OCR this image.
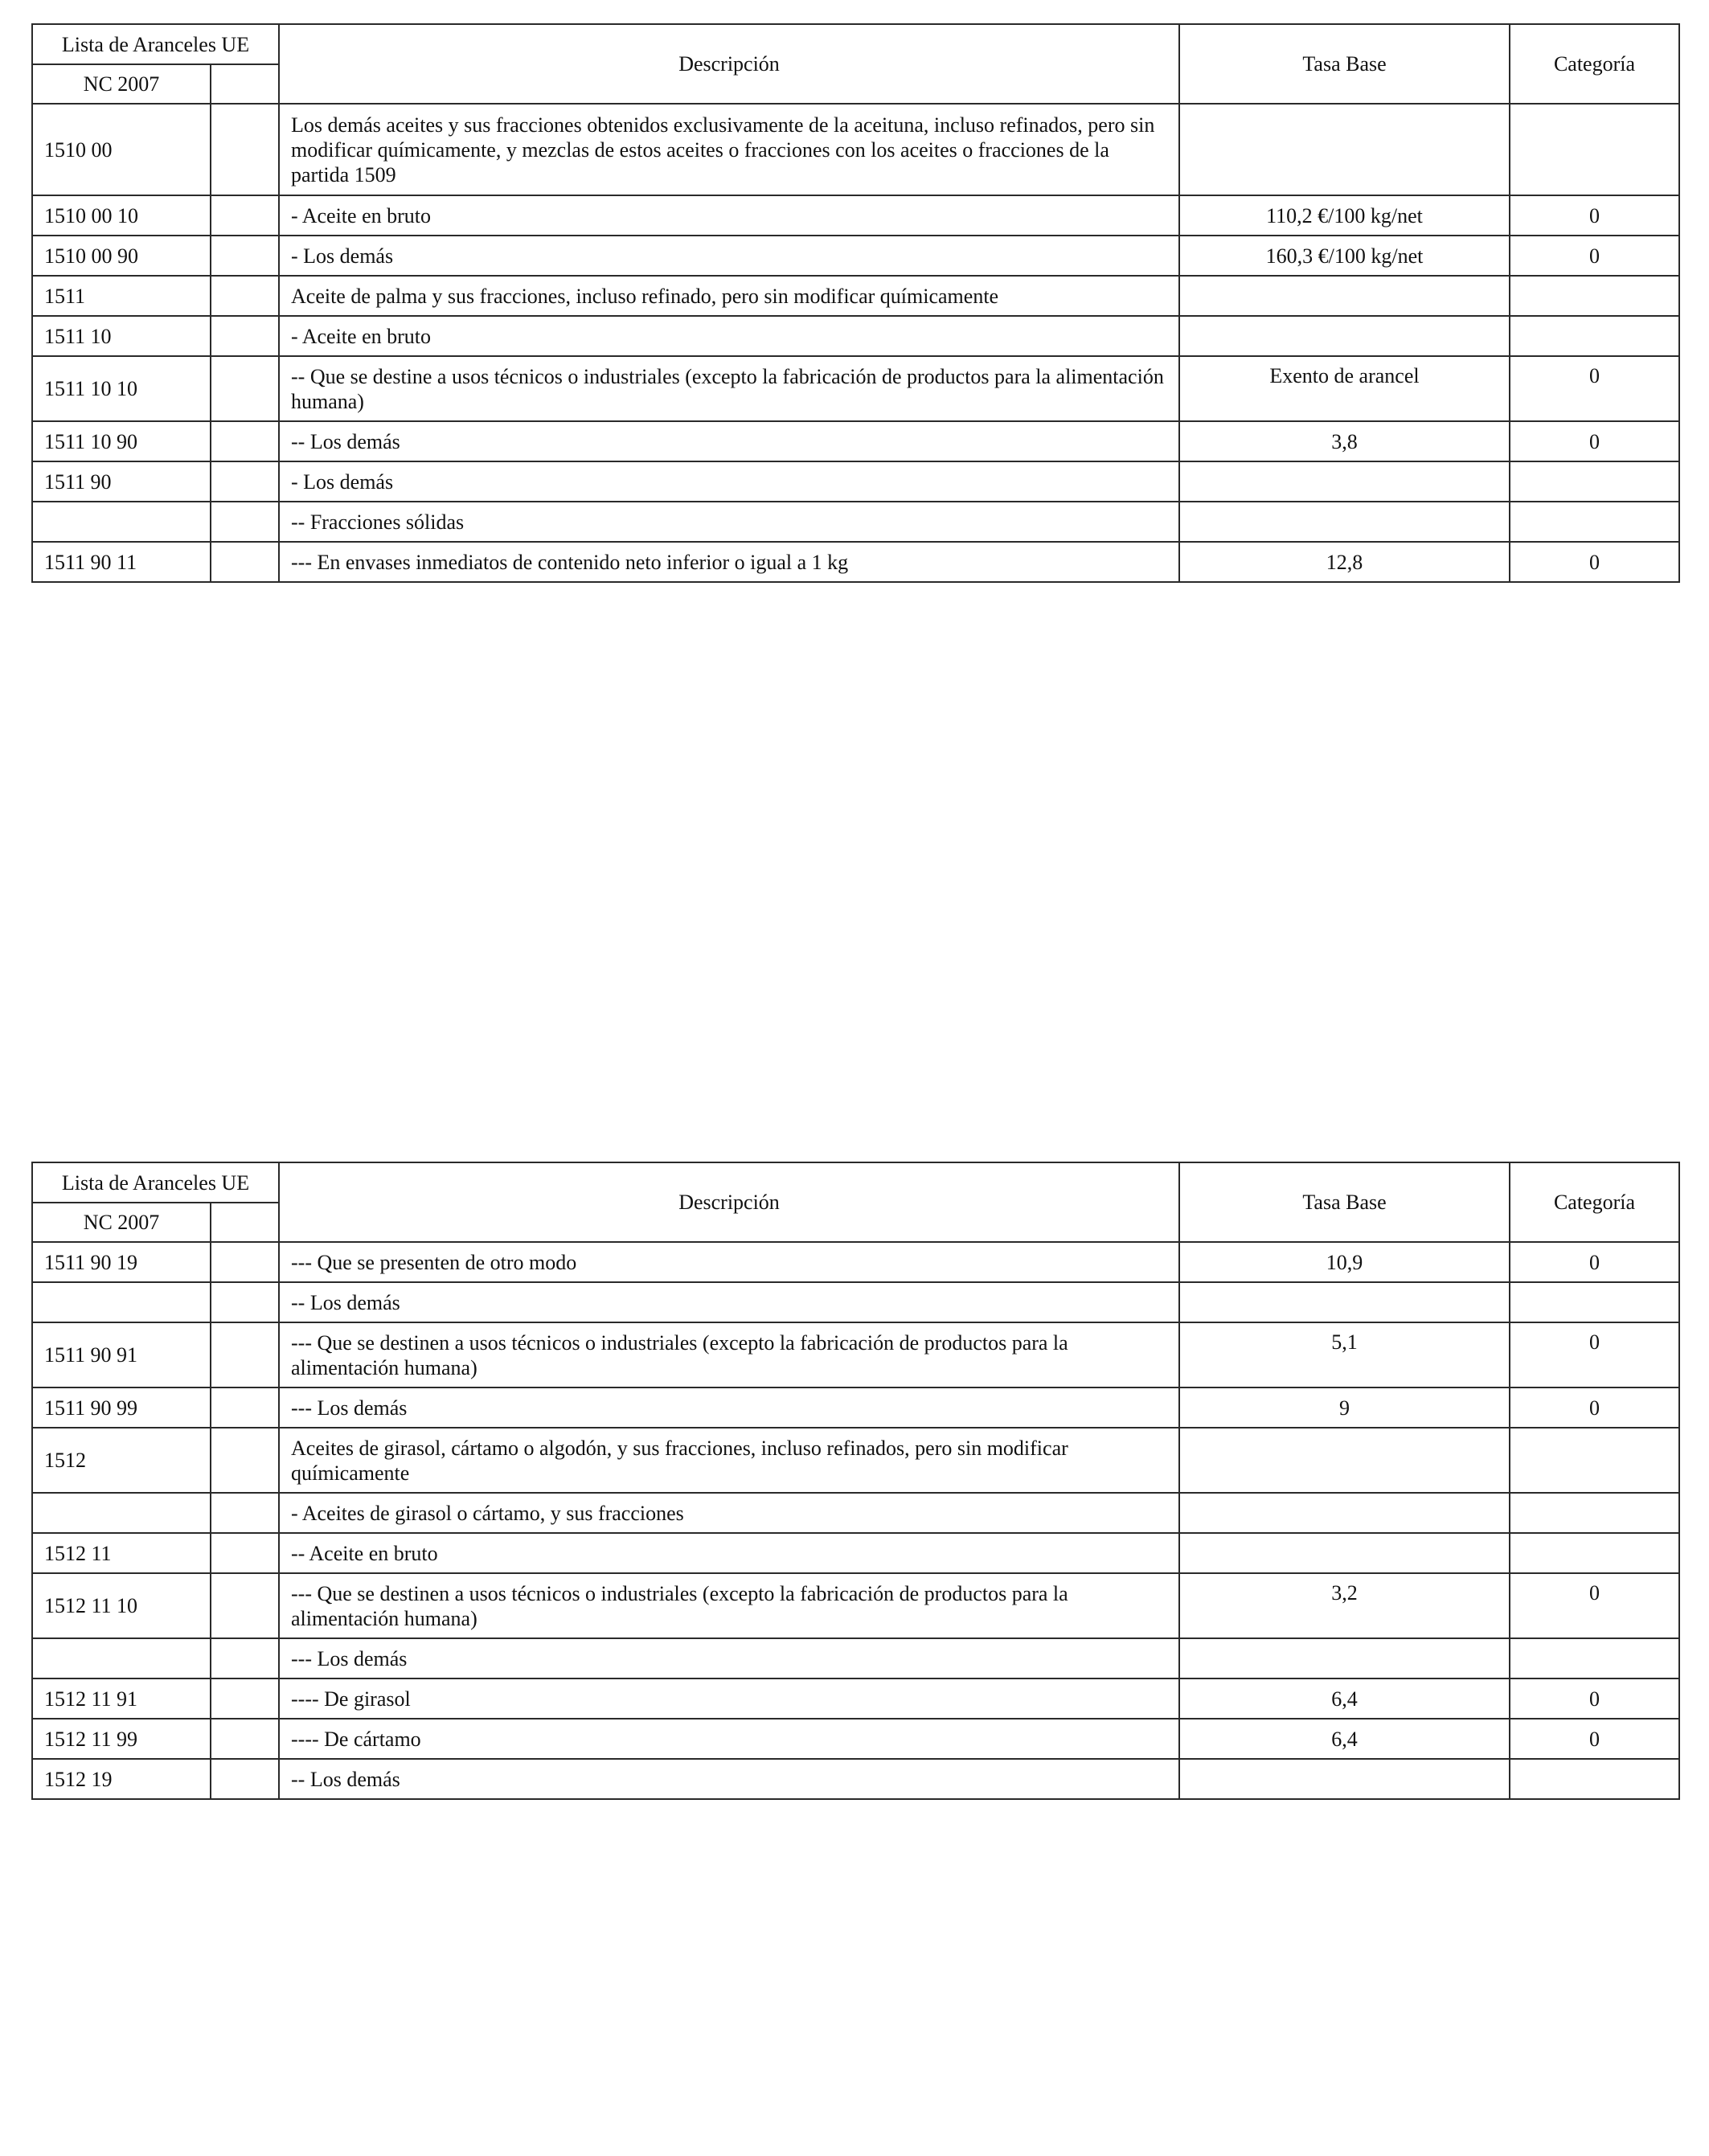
Lista de Aranceles UE		Descripción	Tasa Base	Categoría
NC 2007				
1510 00		Los demás aceites y sus fracciones obtenidos exclusivamente de la aceituna, incluso refinados, pero sin modificar químicamente, y mezclas de estos aceites o fracciones con los aceites o fracciones de la partida 1509		
1510 00 10		- Aceite en bruto	110,2 €/100 kg/net	0
1510 00 90		- Los demás	160,3 €/100 kg/net	0
1511		Aceite de palma y sus fracciones, incluso refinado, pero sin modificar químicamente		
1511 10		- Aceite en bruto		
1511 10 10		-- Que se destine a usos técnicos o industriales (excepto la fabricación de productos para la alimentación humana)	Exento de arancel	0
1511 10 90		-- Los demás	3,8	0
1511 90		- Los demás		
		-- Fracciones sólidas		
1511 90 11		--- En envases inmediatos de contenido neto inferior o igual a 1 kg	12,8	0
Lista de Aranceles UE		Descripción	Tasa Base	Categoría
NC 2007				
1511 90 19		--- Que se presenten de otro modo	10,9	0
		-- Los demás		
1511 90 91		--- Que se destinen a usos técnicos o industriales (excepto la fabricación de productos para la alimentación humana)	5,1	0
1511 90 99		--- Los demás	9	0
1512		Aceites de girasol, cártamo o algodón, y sus fracciones, incluso refinados, pero sin modificar químicamente		
		- Aceites de girasol o cártamo, y sus fracciones		
1512 11		-- Aceite en bruto		
1512 11 10		--- Que se destinen a usos técnicos o industriales (excepto la fabricación de productos para la alimentación humana)	3,2	0
		--- Los demás		
1512 11 91		---- De girasol	6,4	0
1512 11 99		---- De cártamo	6,4	0
1512 19		-- Los demás		
